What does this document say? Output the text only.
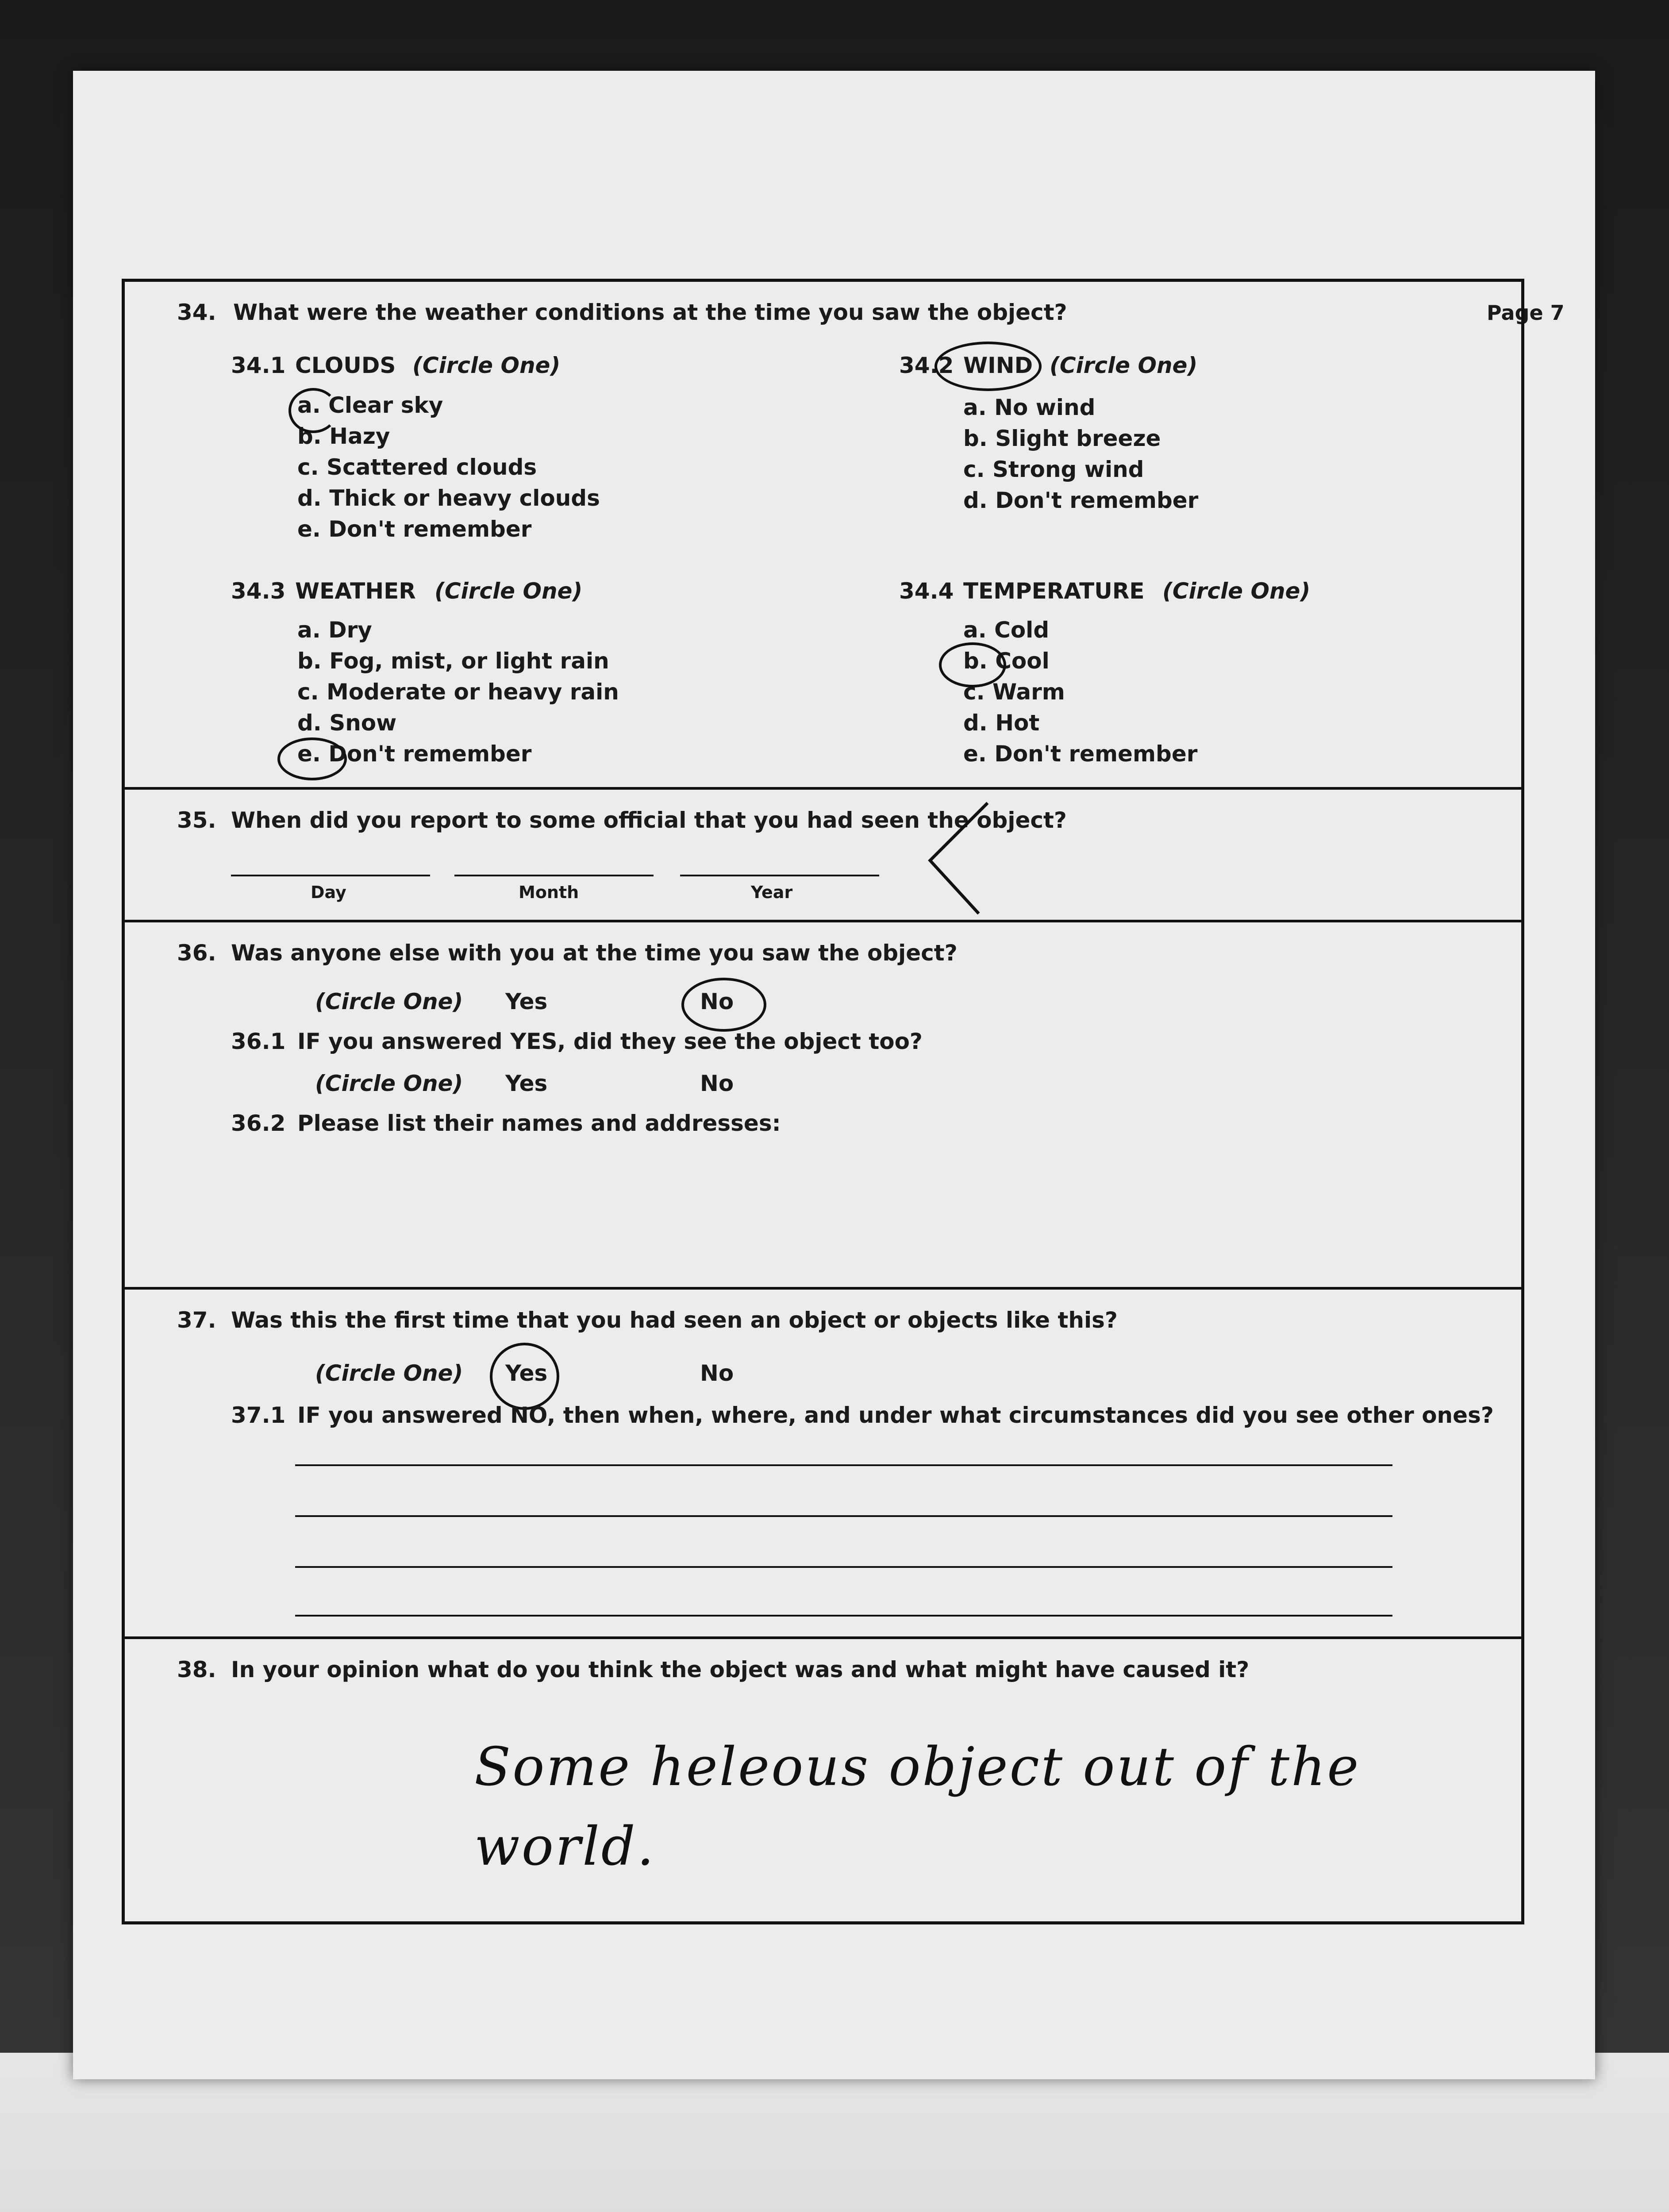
Page 7
34. What were the weather conditions at the time you saw the object?
34.1 CLOUDS (Circle One)
a. Clear sky
b. Hazy
c. Scattered clouds
d. Thick or heavy clouds
e. Don't remember
34.2 WIND (Circle One)
a. No wind
b. Slight breeze
c. Strong wind
d. Don't remember
34.3 WEATHER (Circle One)
a. Dry
b. Fog, mist, or light rain
c. Moderate or heavy rain
d. Snow
e. Don't remember
34.4 TEMPERATURE (Circle One)
a. Cold
b. Cool
c. Warm
d. Hot
e. Don't remember
35. When did you report to some official that you had seen the object?
Day	Month	Year
36. Was anyone else with you at the time you saw the object?
(Circle One) Yes	No
36.1 IF you answered YES, did they see the object too?
(Circle One) Yes	No
36.2 Please list their names and addresses:
37. Was this the first time that you had seen an object or objects like this?
(Circle One) Yes	No
37.1 IF you answered NO, then when, where, and under what circumstances did you see other ones?
38. In your opinion what do you think the object was and what might have caused it?
Some heleous object out of the
world.
